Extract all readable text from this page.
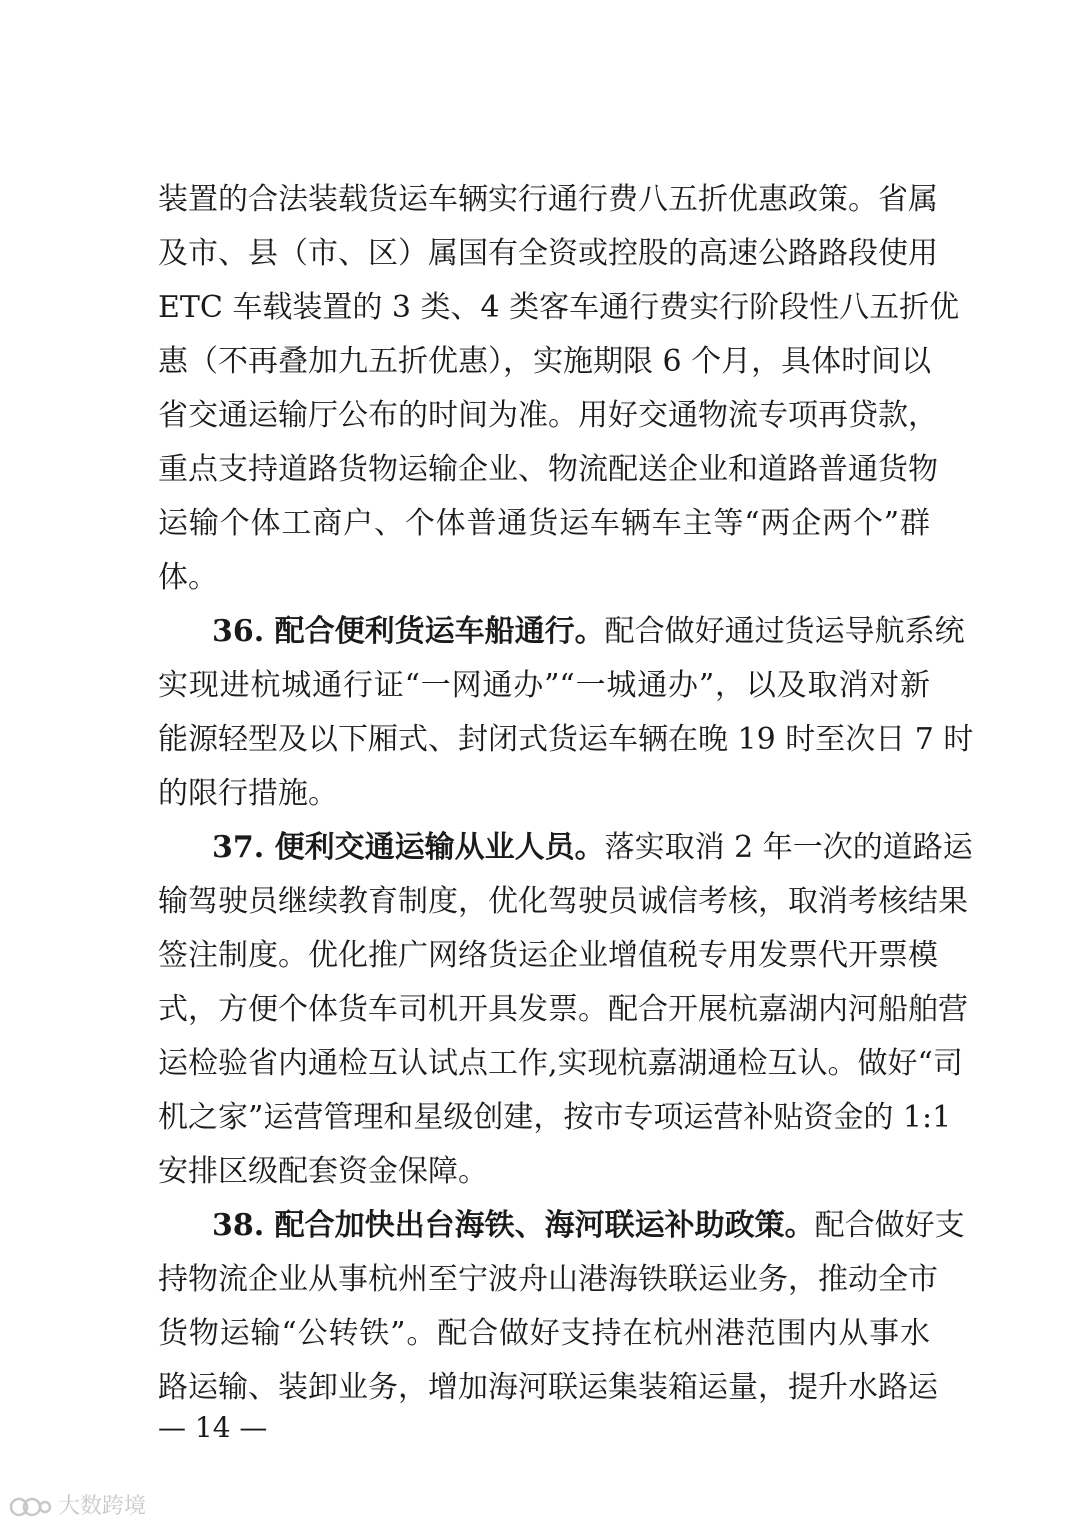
装置的合法装载货运车辆实行通行费八五折优惠政策。省属
及市、县（市、区）属国有全资或控股的高速公路路段使用
ETC 车载装置的 3 类、4 类客车通行费实行阶段性八五折优
惠（不再叠加九五折优惠），实施期限 6 个月，具体时间以
省交通运输厅公布的时间为准。用好交通物流专项再贷款，
重点支持道路货物运输企业、物流配送企业和道路普通货物
运输个体工商户、个体普通货运车辆车主等“两企两个”群
体。
36. 配合便利货运车船通行。配合做好通过货运导航系统
实现进杭城通行证“一网通办”“一城通办”，以及取消对新
能源轻型及以下厢式、封闭式货运车辆在晚 19 时至次日 7 时
的限行措施。
37. 便利交通运输从业人员。落实取消 2 年一次的道路运
输驾驶员继续教育制度，优化驾驶员诚信考核，取消考核结果
签注制度。优化推广网络货运企业增值税专用发票代开票模
式，方便个体货车司机开具发票。配合开展杭嘉湖内河船舶营
运检验省内通检互认试点工作,实现杭嘉湖通检互认。做好“司
机之家”运营管理和星级创建，按市专项运营补贴资金的 1:1
安排区级配套资金保障。
38. 配合加快出台海铁、海河联运补助政策。配合做好支
持物流企业从事杭州至宁波舟山港海铁联运业务，推动全市
货物运输“公转铁”。配合做好支持在杭州港范围内从事水
路运输、装卸业务，增加海河联运集装箱运量，提升水路运
— 14 —
大数跨境
